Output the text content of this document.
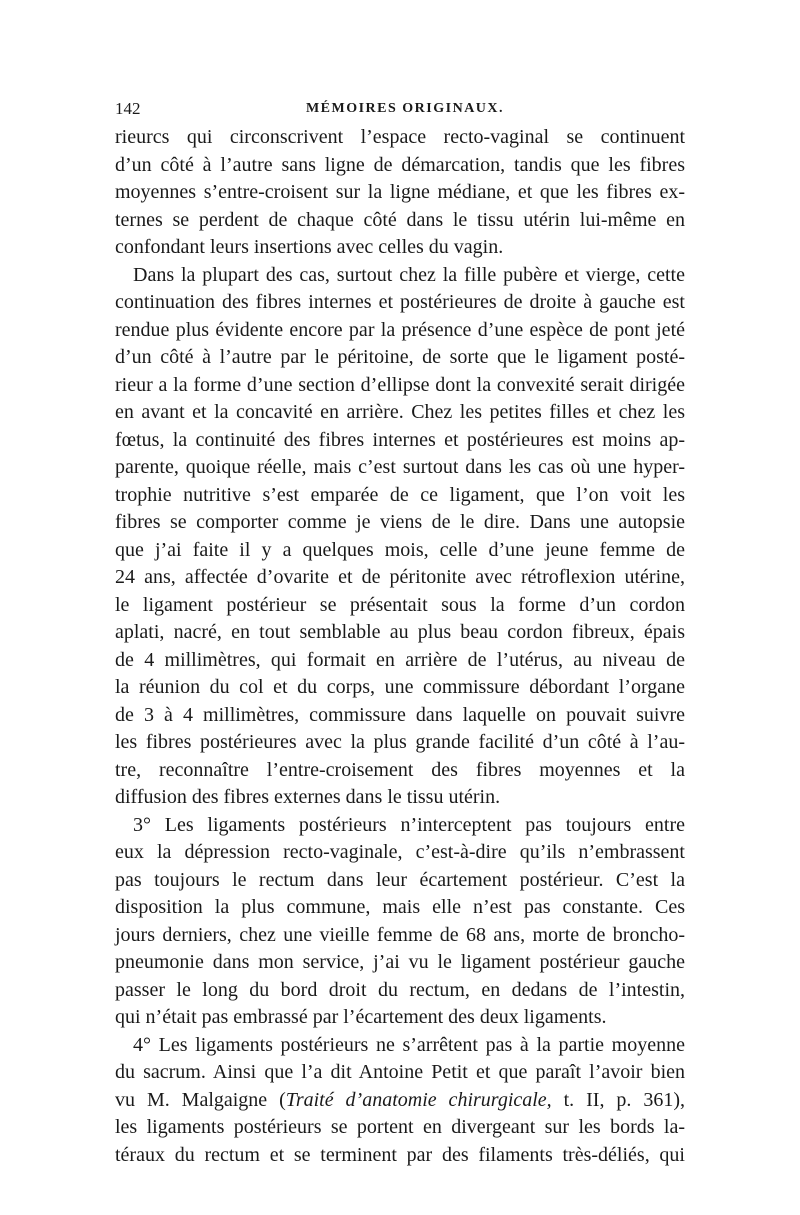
142	MÉMOIRES ORIGINAUX.
rieurcs qui circonscrivent l’espace recto-vaginal se continuent
d’un côté à l’autre sans ligne de démarcation, tandis que les fibres
moyennes s’entre-croisent sur la ligne médiane, et que les fibres ex-
ternes se perdent de chaque côté dans le tissu utérin lui-même en
confondant leurs insertions avec celles du vagin.
Dans la plupart des cas, surtout chez la fille pubère et vierge, cette
continuation des fibres internes et postérieures de droite à gauche est
rendue plus évidente encore par la présence d’une espèce de pont jeté
d’un côté à l’autre par le péritoine, de sorte que le ligament posté-
rieur a la forme d’une section d’ellipse dont la convexité serait dirigée
en avant et la concavité en arrière. Chez les petites filles et chez les
fœtus, la continuité des fibres internes et postérieures est moins ap-
parente, quoique réelle, mais c’est surtout dans les cas où une hyper-
trophie nutritive s’est emparée de ce ligament, que l’on voit les
fibres se comporter comme je viens de le dire. Dans une autopsie
que j’ai faite il y a quelques mois, celle d’une jeune femme de
24 ans, affectée d’ovarite et de péritonite avec rétroflexion utérine,
le ligament postérieur se présentait sous la forme d’un cordon
aplati, nacré, en tout semblable au plus beau cordon fibreux, épais
de 4 millimètres, qui formait en arrière de l’utérus, au niveau de
la réunion du col et du corps, une commissure débordant l’organe
de 3 à 4 millimètres, commissure dans laquelle on pouvait suivre
les fibres postérieures avec la plus grande facilité d’un côté à l’au-
tre, reconnaître l’entre-croisement des fibres moyennes et la
diffusion des fibres externes dans le tissu utérin.
3° Les ligaments postérieurs n’interceptent pas toujours entre
eux la dépression recto-vaginale, c’est-à-dire qu’ils n’embrassent
pas toujours le rectum dans leur écartement postérieur. C’est la
disposition la plus commune, mais elle n’est pas constante. Ces
jours derniers, chez une vieille femme de 68 ans, morte de broncho-
pneumonie dans mon service, j’ai vu le ligament postérieur gauche
passer le long du bord droit du rectum, en dedans de l’intestin,
qui n’était pas embrassé par l’écartement des deux ligaments.
4° Les ligaments postérieurs ne s’arrêtent pas à la partie moyenne
du sacrum. Ainsi que l’a dit Antoine Petit et que paraît l’avoir bien
vu M. Malgaigne (Traité d’anatomie chirurgicale, t. II, p. 361),
les ligaments postérieurs se portent en divergeant sur les bords la-
téraux du rectum et se terminent par des filaments très-déliés, qui
